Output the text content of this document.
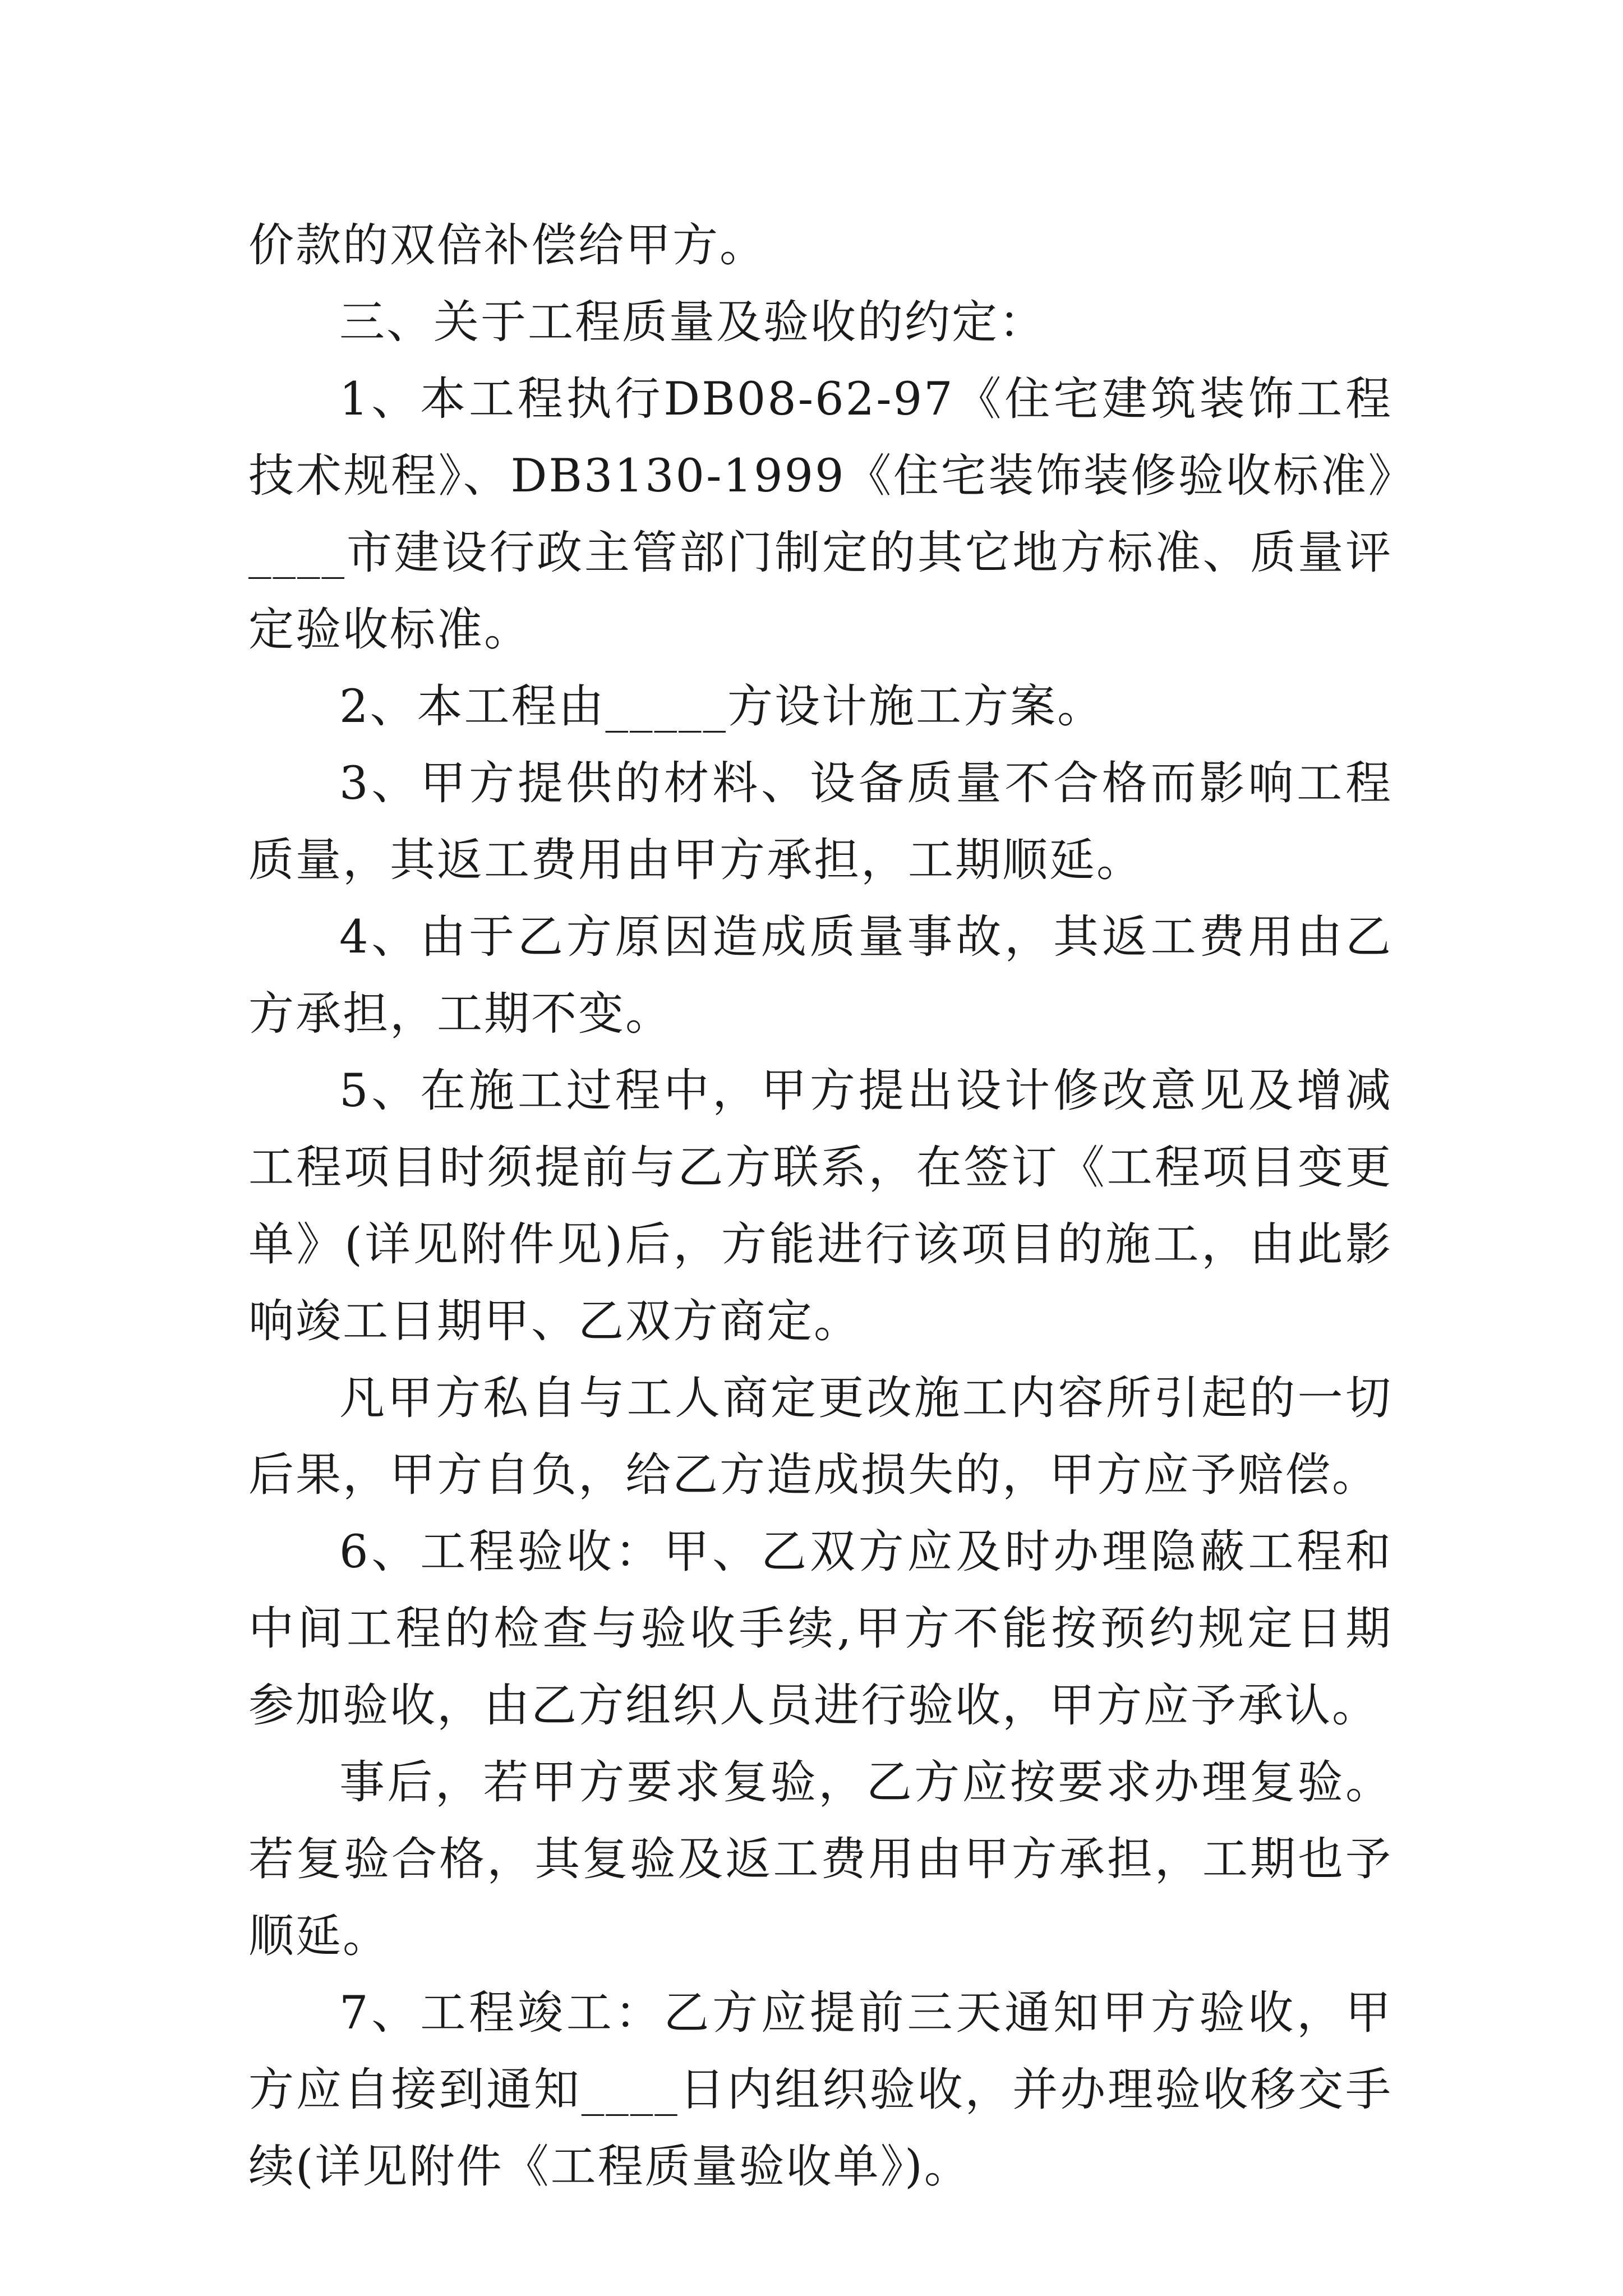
价款的双倍补偿给甲方。

三、关于工程质量及验收的约定：

1、本工程执行DB08-62-97《住宅建筑装饰工程技术规程》、DB3130-1999《住宅装饰装修验收标准》____市建设行政主管部门制定的其它地方标准、质量评定验收标准。

2、本工程由_____方设计施工方案。

3、甲方提供的材料、设备质量不合格而影响工程质量，其返工费用由甲方承担，工期顺延。

4、由于乙方原因造成质量事故，其返工费用由乙方承担，工期不变。

5、在施工过程中，甲方提出设计修改意见及增减工程项目时须提前与乙方联系，在签订《工程项目变更单》(详见附件见)后，方能进行该项目的施工，由此影响竣工日期甲、乙双方商定。

凡甲方私自与工人商定更改施工内容所引起的一切后果，甲方自负，给乙方造成损失的，甲方应予赔偿。

6、工程验收：甲、乙双方应及时办理隐蔽工程和中间工程的检查与验收手续,甲方不能按预约规定日期参加验收，由乙方组织人员进行验收，甲方应予承认。

事后，若甲方要求复验，乙方应按要求办理复验。若复验合格，其复验及返工费用由甲方承担，工期也予顺延。

7、工程竣工：乙方应提前三天通知甲方验收，甲方应自接到通知____日内组织验收，并办理验收移交手续(详见附件《工程质量验收单》)。
